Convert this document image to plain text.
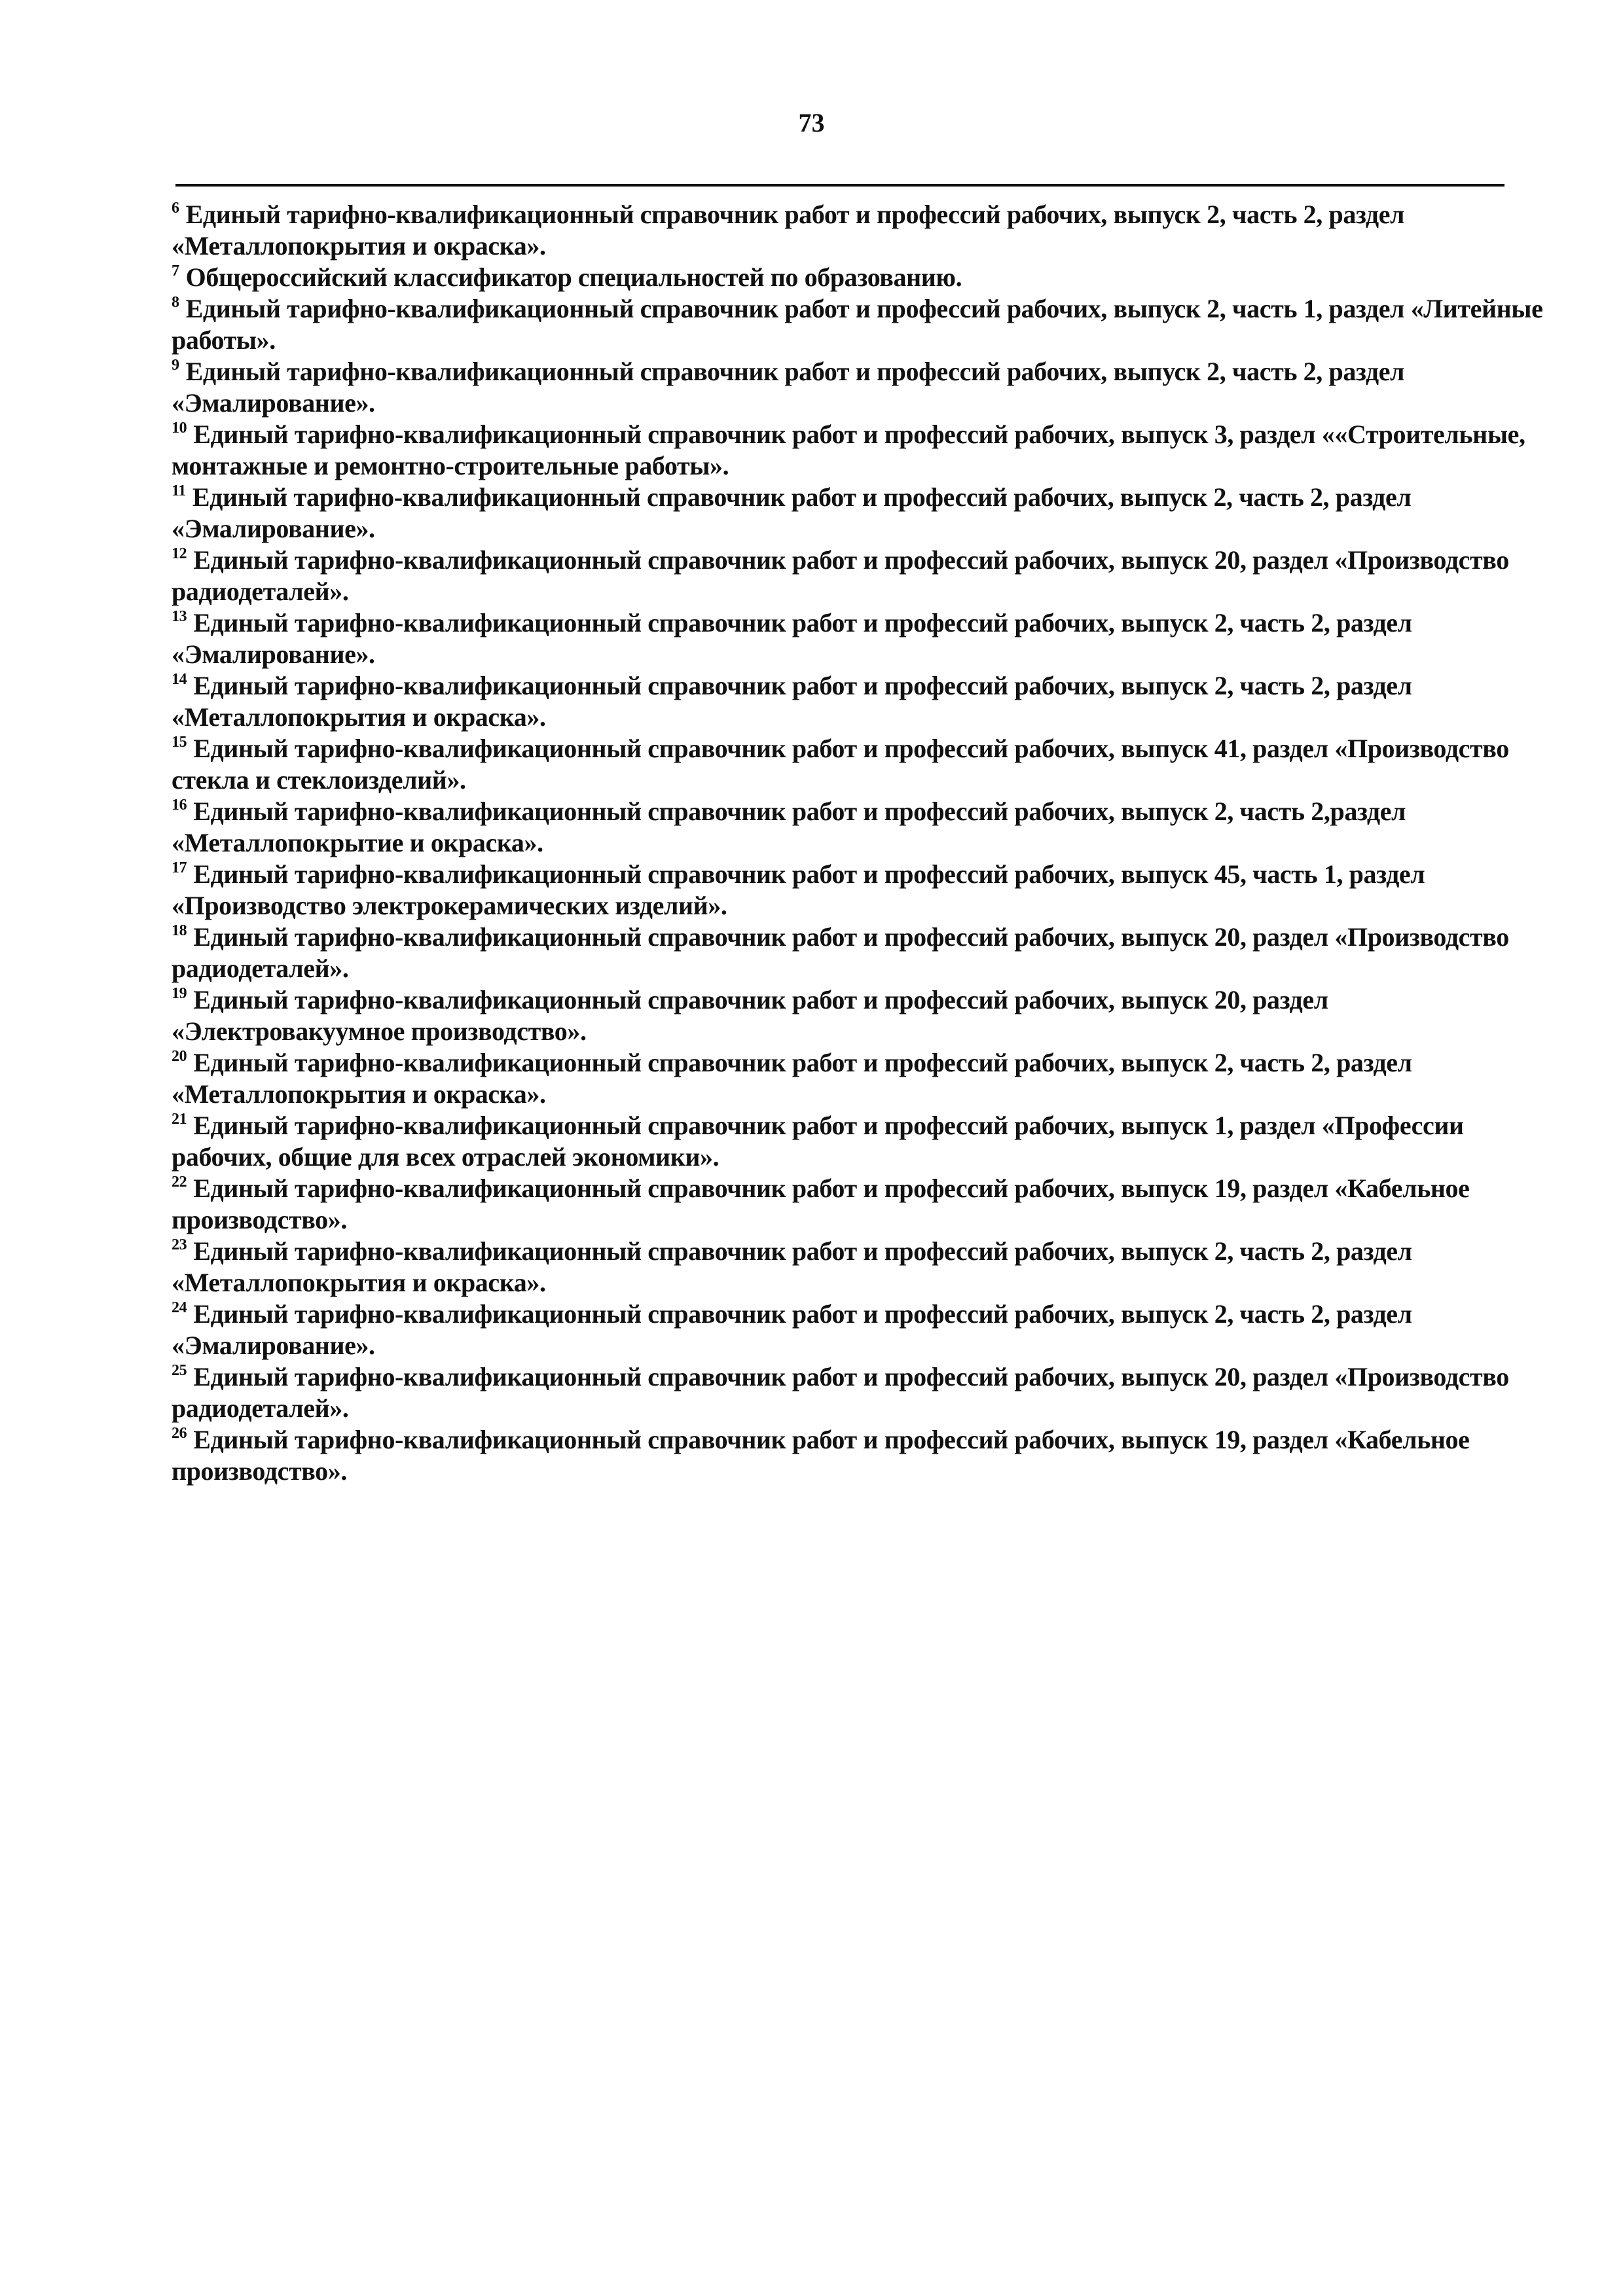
73

$^6$ Единый тарифно-квалификационный справочник работ и профессий рабочих, выпуск 2, часть 2, раздел «Металлопокрытия и окраска».

$^7$ Общероссийский классификатор специальностей по образованию.

$^8$ Единый тарифно-квалификационный справочник работ и профессий рабочих, выпуск 2, часть 1, раздел «Литейные работы».

$^9$ Единый тарифно-квалификационный справочник работ и профессий рабочих, выпуск 2, часть 2, раздел «Эмалирование».

$^{10}$ Единый тарифно-квалификационный справочник работ и профессий рабочих, выпуск 3, раздел ««Строительные, монтажные и ремонтно-строительные работы».

$^{11}$ Единый тарифно-квалификационный справочник работ и профессий рабочих, выпуск 2, часть 2, раздел «Эмалирование».

$^{12}$ Единый тарифно-квалификационный справочник работ и профессий рабочих, выпуск 20, раздел «Производство радиодеталей».

$^{13}$ Единый тарифно-квалификационный справочник работ и профессий рабочих, выпуск 2, часть 2, раздел «Эмалирование».

$^{14}$ Единый тарифно-квалификационный справочник работ и профессий рабочих, выпуск 2, часть 2, раздел «Металлопокрытия и окраска».

$^{15}$ Единый тарифно-квалификационный справочник работ и профессий рабочих, выпуск 41, раздел «Производство стекла и стеклоизделий».

$^{16}$ Единый тарифно-квалификационный справочник работ и профессий рабочих, выпуск 2, часть 2,раздел «Металлопокрытие и окраска».

$^{17}$ Единый тарифно-квалификационный справочник работ и профессий рабочих, выпуск 45, часть 1, раздел «Производство электрокерамических изделий».

$^{18}$ Единый тарифно-квалификационный справочник работ и профессий рабочих, выпуск 20, раздел «Производство радиодеталей».

$^{19}$ Единый тарифно-квалификационный справочник работ и профессий рабочих, выпуск 20, раздел «Электровакуумное производство».

$^{20}$ Единый тарифно-квалификационный справочник работ и профессий рабочих, выпуск 2, часть 2, раздел «Металлопокрытия и окраска».

$^{21}$ Единый тарифно-квалификационный справочник работ и профессий рабочих, выпуск 1, раздел «Профессии рабочих, общие для всех отраслей экономики».

$^{22}$ Единый тарифно-квалификационный справочник работ и профессий рабочих, выпуск 19, раздел «Кабельное производство».

$^{23}$ Единый тарифно-квалификационный справочник работ и профессий рабочих, выпуск 2, часть 2, раздел «Металлопокрытия и окраска».

$^{24}$ Единый тарифно-квалификационный справочник работ и профессий рабочих, выпуск 2, часть 2, раздел «Эмалирование».

$^{25}$ Единый тарифно-квалификационный справочник работ и профессий рабочих, выпуск 20, раздел «Производство радиодеталей».

$^{26}$ Единый тарифно-квалификационный справочник работ и профессий рабочих, выпуск 19, раздел «Кабельное производство».
